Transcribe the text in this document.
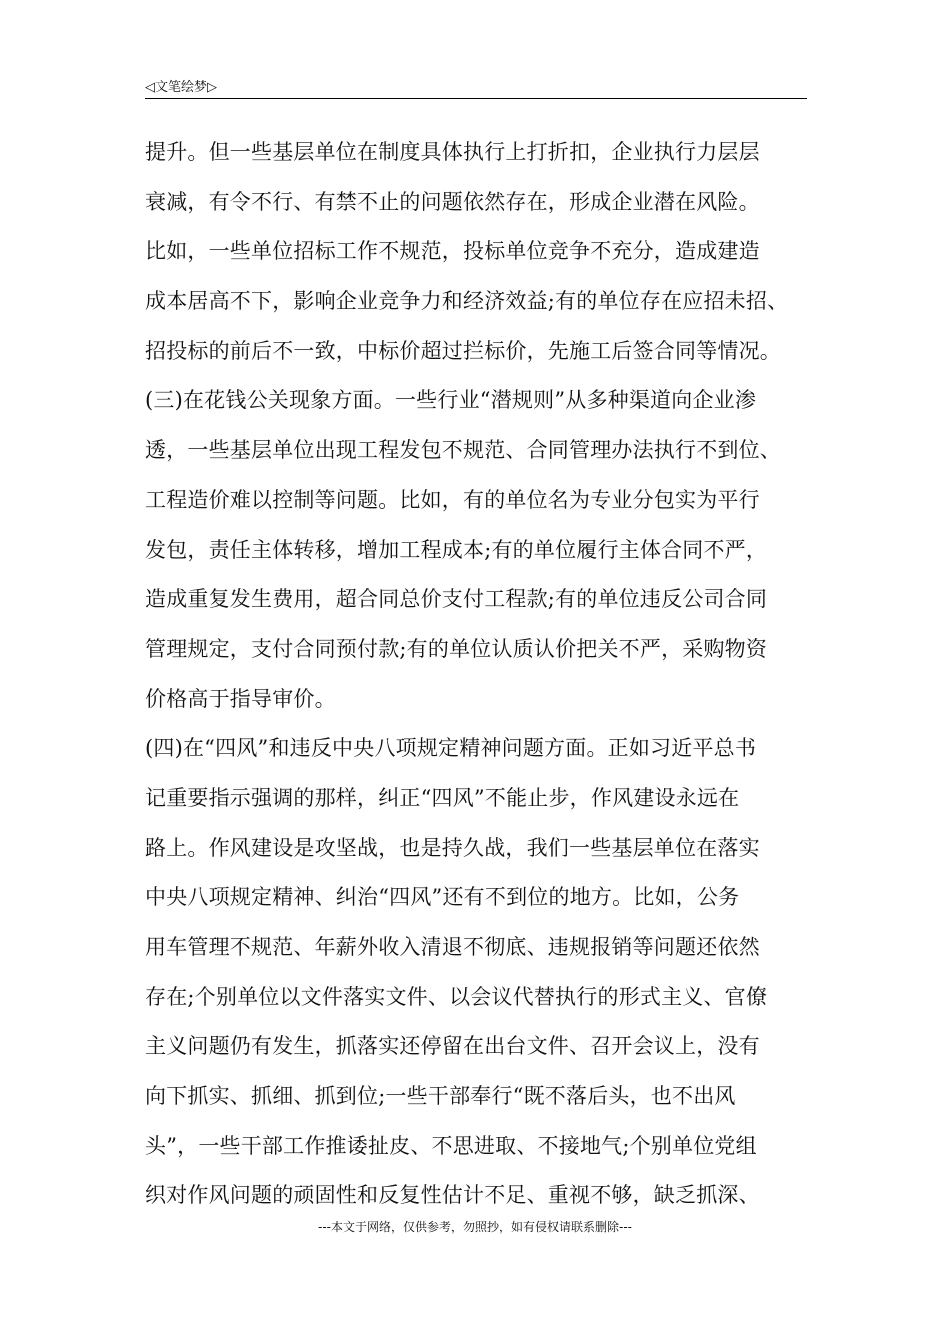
◁文笔绘梦▷
提升。但一些基层单位在制度具体执行上打折扣，企业执行力层层
衰减，有令不行、有禁不止的问题依然存在，形成企业潜在风险。
比如，一些单位招标工作不规范，投标单位竞争不充分，造成建造
成本居高不下，影响企业竞争力和经济效益;有的单位存在应招未招、
招投标的前后不一致，中标价超过拦标价，先施工后签合同等情况。
(三)在花钱公关现象方面。一些行业“潜规则”从多种渠道向企业渗
透，一些基层单位出现工程发包不规范、合同管理办法执行不到位、
工程造价难以控制等问题。比如，有的单位名为专业分包实为平行
发包，责任主体转移，增加工程成本;有的单位履行主体合同不严，
造成重复发生费用，超合同总价支付工程款;有的单位违反公司合同
管理规定，支付合同预付款;有的单位认质认价把关不严，采购物资
价格高于指导审价。
(四)在“四风”和违反中央八项规定精神问题方面。正如习近平总书
记重要指示强调的那样，纠正“四风”不能止步，作风建设永远在
路上。作风建设是攻坚战，也是持久战，我们一些基层单位在落实
中央八项规定精神、纠治“四风”还有不到位的地方。比如，公务
用车管理不规范、年薪外收入清退不彻底、违规报销等问题还依然
存在;个别单位以文件落实文件、以会议代替执行的形式主义、官僚
主义问题仍有发生，抓落实还停留在出台文件、召开会议上，没有
向下抓实、抓细、抓到位;一些干部奉行“既不落后头，也不出风
头”，一些干部工作推诿扯皮、不思进取、不接地气;个别单位党组
织对作风问题的顽固性和反复性估计不足、重视不够，缺乏抓深、
---本文于网络，仅供参考，勿照抄，如有侵权请联系删除---
